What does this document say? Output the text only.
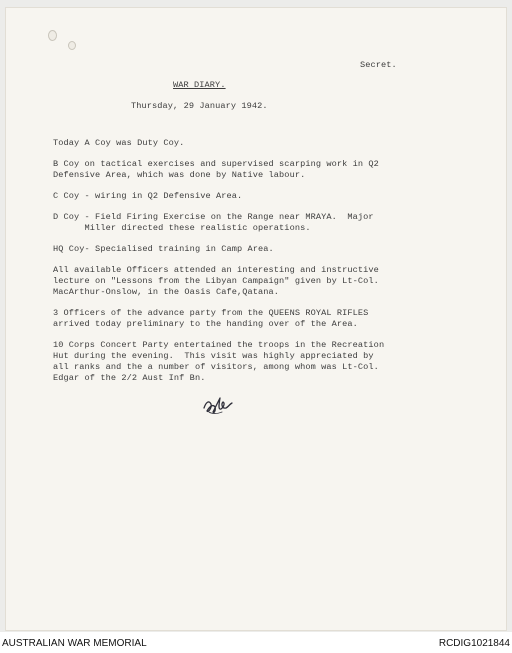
Secret.
WAR DIARY.
Thursday, 29 January 1942.
Today A Coy was Duty Coy.
B Coy on tactical exercises and supervised scarping work in Q2
Defensive Area, which was done by Native labour.
C Coy - wiring in Q2 Defensive Area.
D Coy - Field Firing Exercise on the Range near MRAYA.  Major
Miller directed these realistic operations.
HQ Coy- Specialised training in Camp Area.
All available Officers attended an interesting and instructive
lecture on "Lessons from the Libyan Campaign" given by Lt-Col.
MacArthur-Onslow, in the Oasis Cafe,Qatana.
3 Officers of the advance party from the QUEENS ROYAL RIFLES
arrived today preliminary to the handing over of the Area.
10 Corps Concert Party entertained the troops in the Recreation
Hut during the evening.  This visit was highly appreciated by
all ranks and the a number of visitors, among whom was Lt-Col.
Edgar of the 2/2 Aust Inf Bn.
AUSTRALIAN WAR MEMORIAL	RCDIG1021844
